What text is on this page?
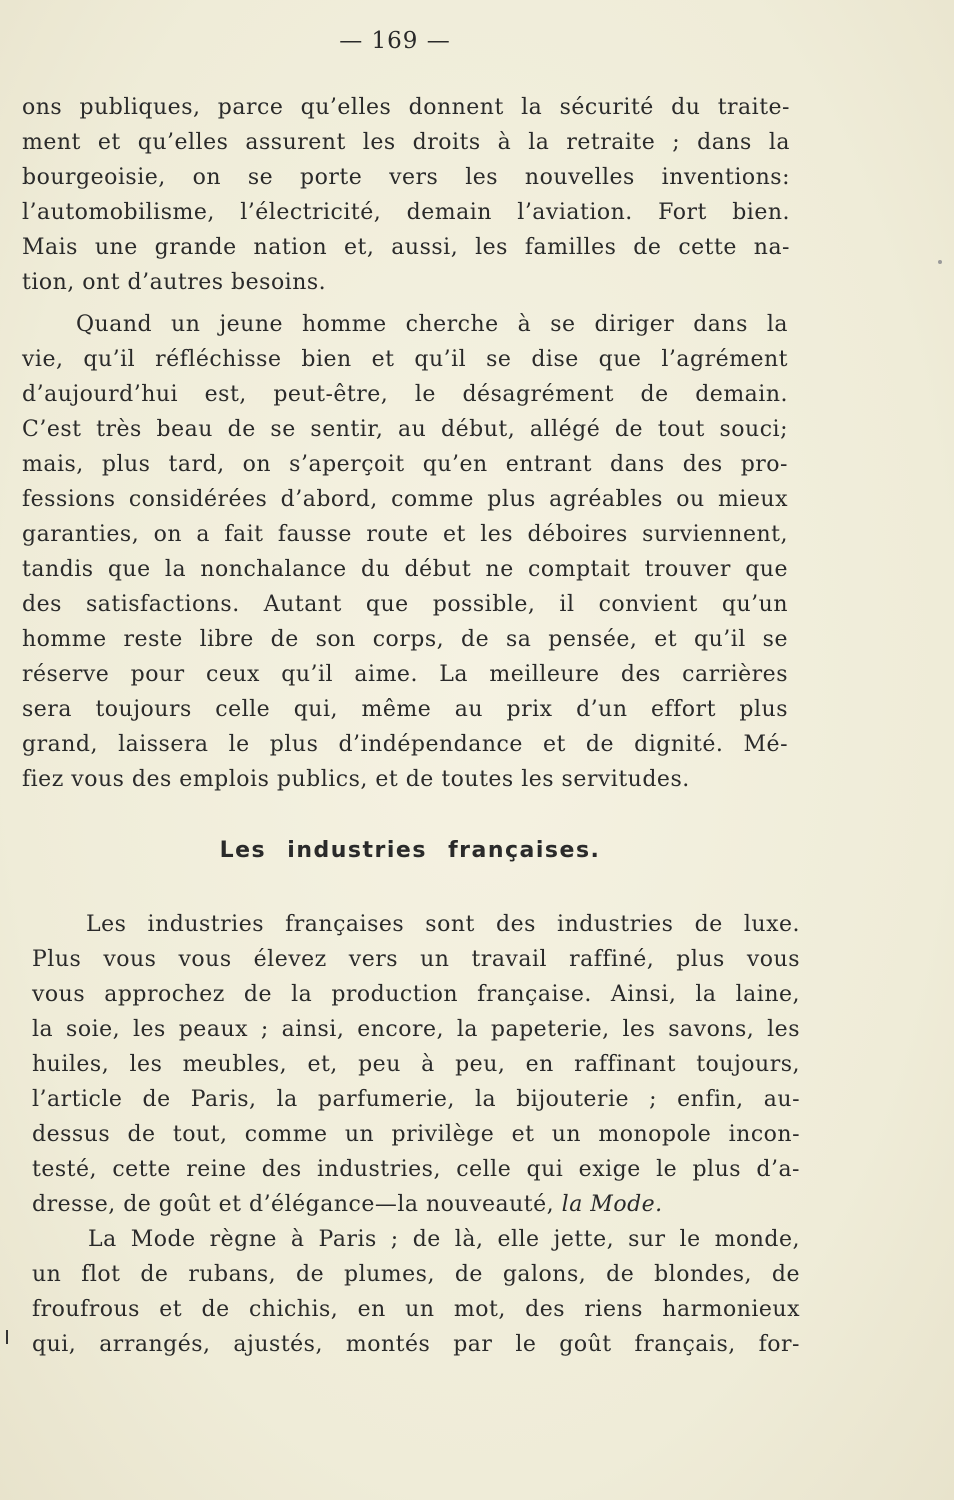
— 169 —
ons publiques, parce qu’elles donnent la sécurité du traite-
ment et qu’elles assurent les droits à la retraite ; dans la
bourgeoisie, on se porte vers les nouvelles inventions:
l’automobilisme, l’électricité, demain l’aviation. Fort bien.
Mais une grande nation et, aussi, les familles de cette na-
tion, ont d’autres besoins.
Quand un jeune homme cherche à se diriger dans la
vie, qu’il réfléchisse bien et qu’il se dise que l’agrément
d’aujourd’hui est, peut-être, le désagrément de demain.
C’est très beau de se sentir, au début, allégé de tout souci;
mais, plus tard, on s’aperçoit qu’en entrant dans des pro-
fessions considérées d’abord, comme plus agréables ou mieux
garanties, on a fait fausse route et les déboires surviennent,
tandis que la nonchalance du début ne comptait trouver que
des satisfactions. Autant que possible, il convient qu’un
homme reste libre de son corps, de sa pensée, et qu’il se
réserve pour ceux qu’il aime. La meilleure des carrières
sera toujours celle qui, même au prix d’un effort plus
grand, laissera le plus d’indépendance et de dignité. Mé-
fiez vous des emplois publics, et de toutes les servitudes.
Les industries françaises.
Les industries françaises sont des industries de luxe.
Plus vous vous élevez vers un travail raffiné, plus vous
vous approchez de la production française. Ainsi, la laine,
la soie, les peaux ; ainsi, encore, la papeterie, les savons, les
huiles, les meubles, et, peu à peu, en raffinant toujours,
l’article de Paris, la parfumerie, la bijouterie ; enfin, au-
dessus de tout, comme un privilège et un monopole incon-
testé, cette reine des industries, celle qui exige le plus d’a-
dresse, de goût et d’élégance—la nouveauté, la Mode.
La Mode règne à Paris ; de là, elle jette, sur le monde,
un flot de rubans, de plumes, de galons, de blondes, de
froufrous et de chichis, en un mot, des riens harmonieux
qui, arrangés, ajustés, montés par le goût français, for-
